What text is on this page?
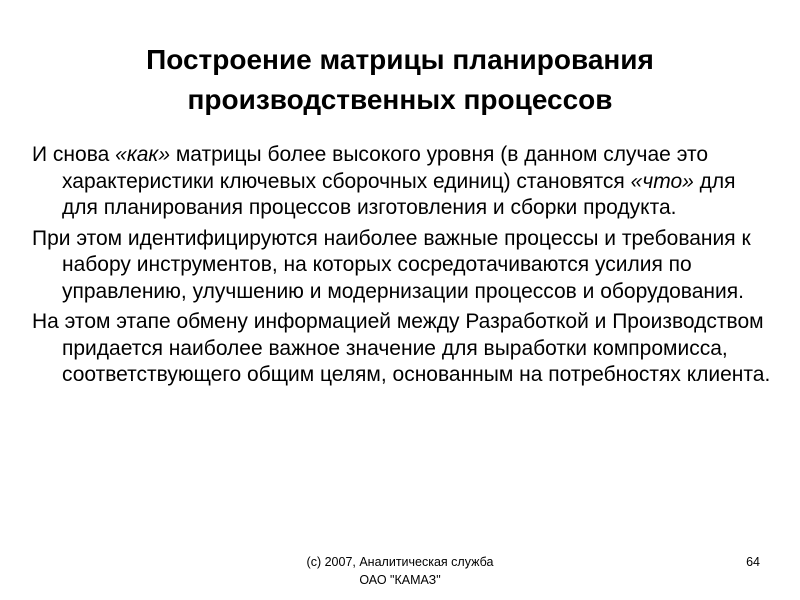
Построение матрицы планирования
производственных процессов

И снова «как» матрицы более высокого уровня (в данном случае это характеристики ключевых сборочных единиц) становятся «что» для для планирования процессов изготовления и сборки продукта.

При этом идентифицируются наиболее важные процессы и требования к набору инструментов, на которых сосредотачиваются усилия по управлению, улучшению и модернизации процессов и оборудования.

На этом этапе обмену информацией между Разработкой и Производством придается наиболее важное значение для выработки компромисса, соответствующего общим целям, основанным на потребностях клиента.

(c) 2007, Аналитическая служба
ОАО "КАМАЗ"
64
